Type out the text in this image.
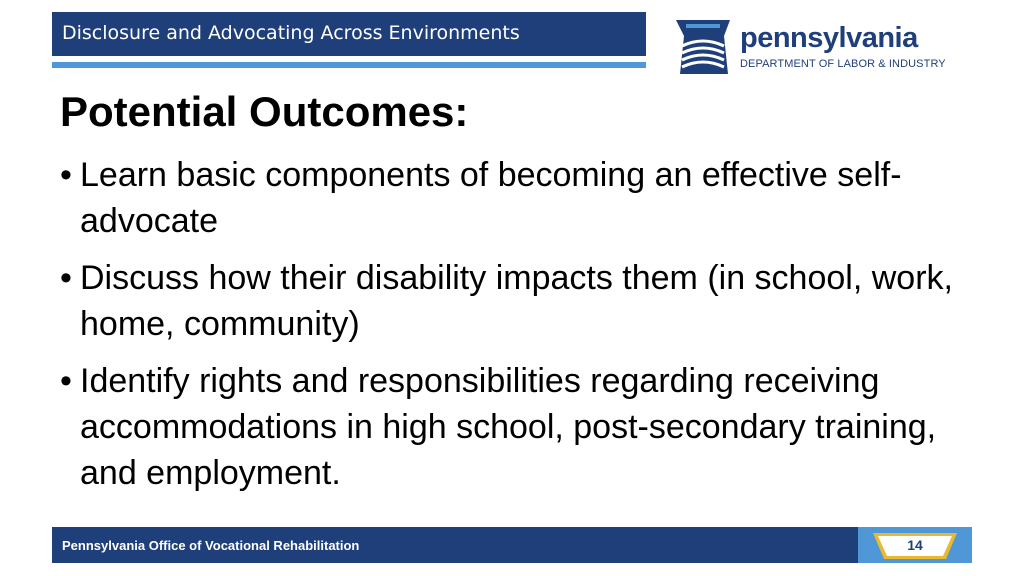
Disclosure and Advocating Across Environments	pennsylvania
DEPARTMENT OF LABOR & INDUSTRY
Potential Outcomes:
• Learn basic components of becoming an effective self-advocate
• Discuss how their disability impacts them (in school, work, home, community)
• Identify rights and responsibilities regarding receiving accommodations in high school, post-secondary training, and employment.
Pennsylvania Office of Vocational Rehabilitation	14
